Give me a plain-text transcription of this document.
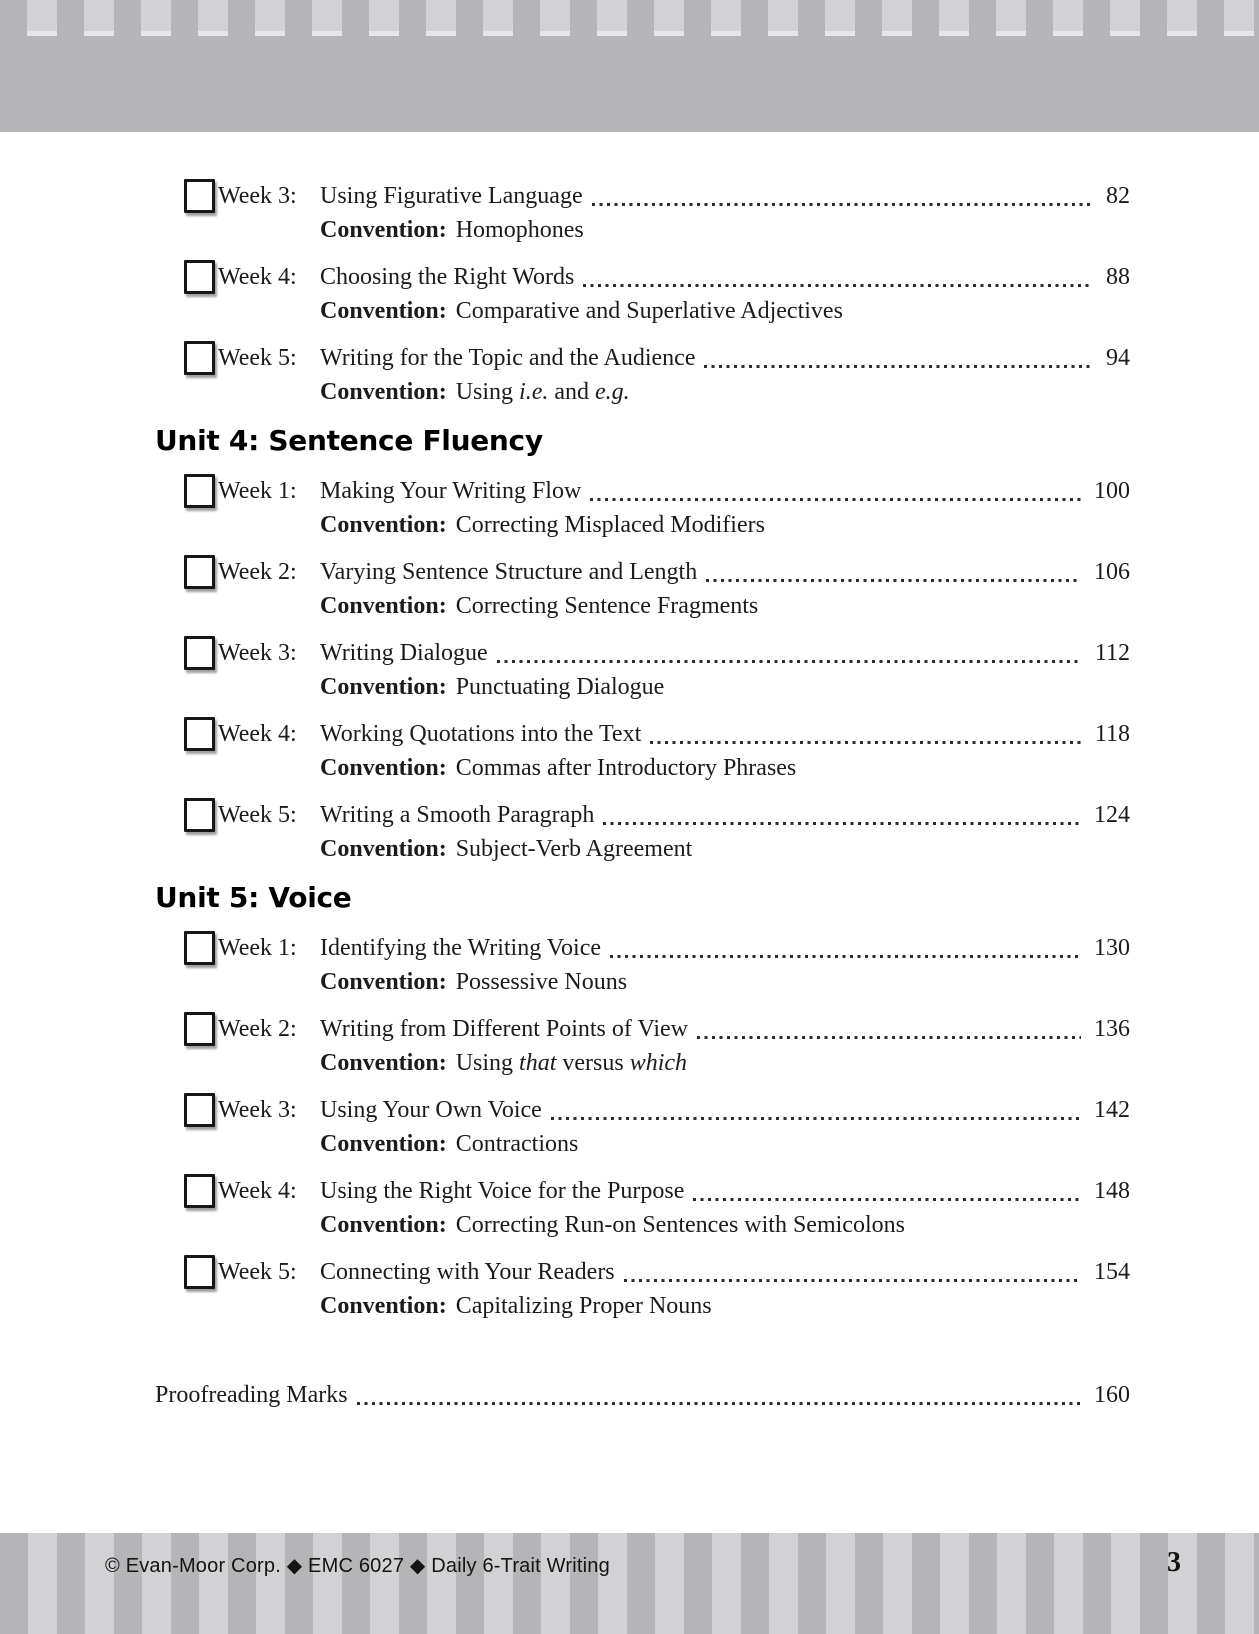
Week 3: Using Figurative Language	82
Convention: Homophones
Week 4: Choosing the Right Words	88
Convention: Comparative and Superlative Adjectives
Week 5: Writing for the Topic and the Audience	94
Convention: Using i.e. and e.g.
Unit 4: Sentence Fluency
Week 1: Making Your Writing Flow	100
Convention: Correcting Misplaced Modifiers
Week 2: Varying Sentence Structure and Length	106
Convention: Correcting Sentence Fragments
Week 3: Writing Dialogue	112
Convention: Punctuating Dialogue
Week 4: Working Quotations into the Text	118
Convention: Commas after Introductory Phrases
Week 5: Writing a Smooth Paragraph	124
Convention: Subject-Verb Agreement
Unit 5: Voice
Week 1: Identifying the Writing Voice	130
Convention: Possessive Nouns
Week 2: Writing from Different Points of View	136
Convention: Using that versus which
Week 3: Using Your Own Voice	142
Convention: Contractions
Week 4: Using the Right Voice for the Purpose	148
Convention: Correcting Run-on Sentences with Semicolons
Week 5: Connecting with Your Readers	154
Convention: Capitalizing Proper Nouns
Proofreading Marks	160
© Evan-Moor Corp. ◆ EMC 6027 ◆ Daily 6-Trait Writing	3
